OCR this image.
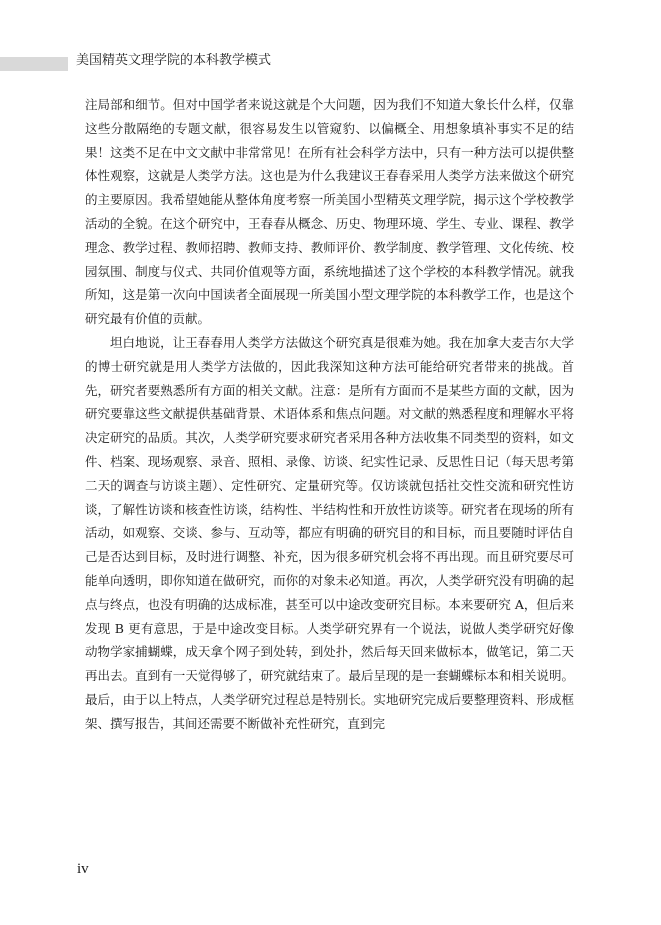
美国精英文理学院的本科教学模式

注局部和细节。但对中国学者来说这就是个大问题，因为我们不知道大象长什么样，仅靠这些分散隔绝的专题文献，很容易发生以管窥豹、以偏概全、用想象填补事实不足的结果！这类不足在中文文献中非常常见！在所有社会科学方法中，只有一种方法可以提供整体性观察，这就是人类学方法。这也是为什么我建议王春春采用人类学方法来做这个研究的主要原因。我希望她能从整体角度考察一所美国小型精英文理学院，揭示这个学校教学活动的全貌。在这个研究中，王春春从概念、历史、物理环境、学生、专业、课程、教学理念、教学过程、教师招聘、教师支持、教师评价、教学制度、教学管理、文化传统、校园氛围、制度与仪式、共同价值观等方面，系统地描述了这个学校的本科教学情况。就我所知，这是第一次向中国读者全面展现一所美国小型文理学院的本科教学工作，也是这个研究最有价值的贡献。

坦白地说，让王春春用人类学方法做这个研究真是很难为她。我在加拿大麦吉尔大学的博士研究就是用人类学方法做的，因此我深知这种方法可能给研究者带来的挑战。首先，研究者要熟悉所有方面的相关文献。注意：是所有方面而不是某些方面的文献，因为研究要靠这些文献提供基础背景、术语体系和焦点问题。对文献的熟悉程度和理解水平将决定研究的品质。其次，人类学研究要求研究者采用各种方法收集不同类型的资料，如文件、档案、现场观察、录音、照相、录像、访谈、纪实性记录、反思性日记（每天思考第二天的调查与访谈主题）、定性研究、定量研究等。仅访谈就包括社交性交流和研究性访谈，了解性访谈和核查性访谈，结构性、半结构性和开放性访谈等。研究者在现场的所有活动，如观察、交谈、参与、互动等，都应有明确的研究目的和目标，而且要随时评估自己是否达到目标，及时进行调整、补充，因为很多研究机会将不再出现。而且研究要尽可能单向透明，即你知道在做研究，而你的对象未必知道。再次，人类学研究没有明确的起点与终点，也没有明确的达成标准，甚至可以中途改变研究目标。本来要研究 A，但后来发现 B 更有意思，于是中途改变目标。人类学研究界有一个说法，说做人类学研究好像动物学家捕蝴蝶，成天拿个网子到处转，到处扑，然后每天回来做标本，做笔记，第二天再出去。直到有一天觉得够了，研究就结束了。最后呈现的是一套蝴蝶标本和相关说明。最后，由于以上特点，人类学研究过程总是特别长。实地研究完成后要整理资料、形成框架、撰写报告，其间还需要不断做补充性研究，直到完

iv
